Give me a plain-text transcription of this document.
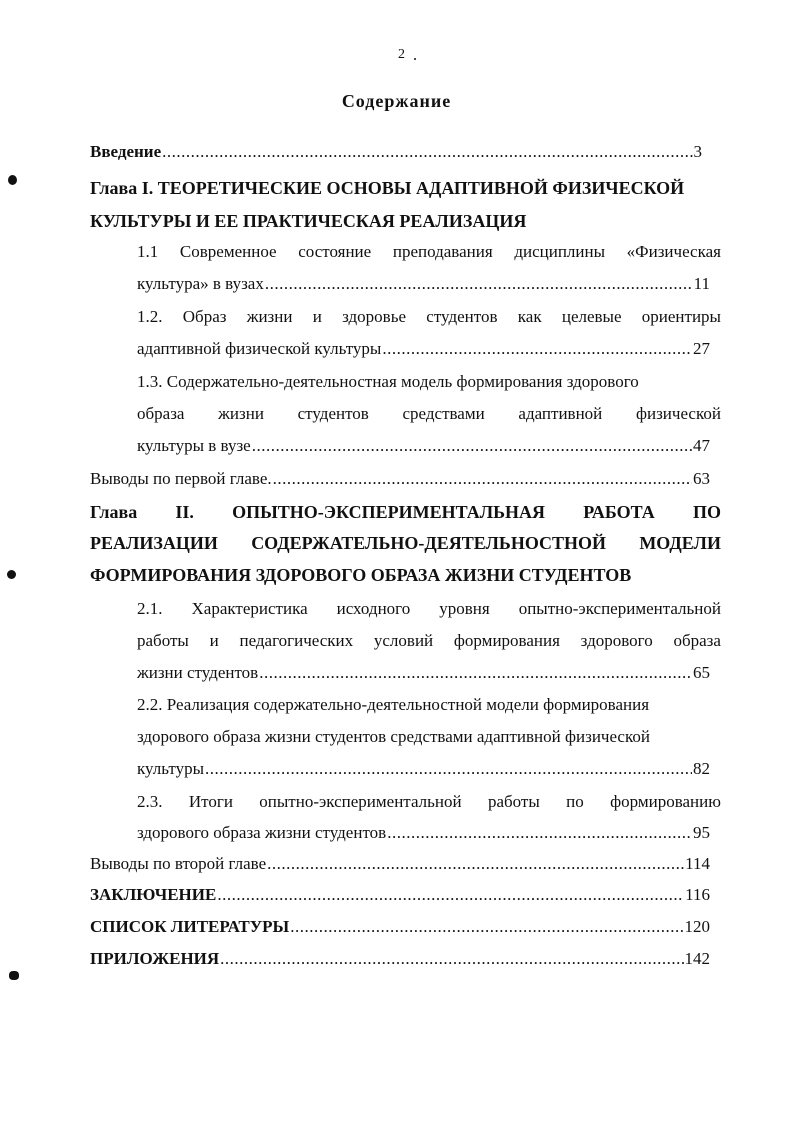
2
Содержание
Введение .....	3
Глава I. ТЕОРЕТИЧЕСКИЕ ОСНОВЫ АДАПТИВНОЙ ФИЗИЧЕСКОЙ
КУЛЬТУРЫ И ЕЕ ПРАКТИЧЕСКАЯ РЕАЛИЗАЦИЯ
1.1 Современное состояние преподавания дисциплины «Физическая
культура» в вузах .....	11
1.2. Образ жизни и здоровье студентов как целевые ориентиры
адаптивной физической культуры .....	27
1.3. Содержательно-деятельностная модель формирования здорового
образа жизни студентов средствами адаптивной физической
культуры в вузе .....	47
Выводы по первой главе. .....	63
Глава II. ОПЫТНО-ЭКСПЕРИМЕНТАЛЬНАЯ РАБОТА ПО
РЕАЛИЗАЦИИ СОДЕРЖАТЕЛЬНО-ДЕЯТЕЛЬНОСТНОЙ МОДЕЛИ
ФОРМИРОВАНИЯ ЗДОРОВОГО ОБРАЗА ЖИЗНИ СТУДЕНТОВ
2.1. Характеристика исходного уровня опытно-экспериментальной
работы и педагогических условий формирования здорового образа
жизни студентов .....	65
2.2. Реализация содержательно-деятельностной модели формирования
здорового образа жизни студентов средствами адаптивной физической
культуры .....	82
2.3. Итоги опытно-экспериментальной работы по формированию
здорового образа жизни студентов .....	95
Выводы по второй главе .....	114
ЗАКЛЮЧЕНИЕ .....	116
СПИСОК ЛИТЕРАТУРЫ .....	120
ПРИЛОЖЕНИЯ .....	142
